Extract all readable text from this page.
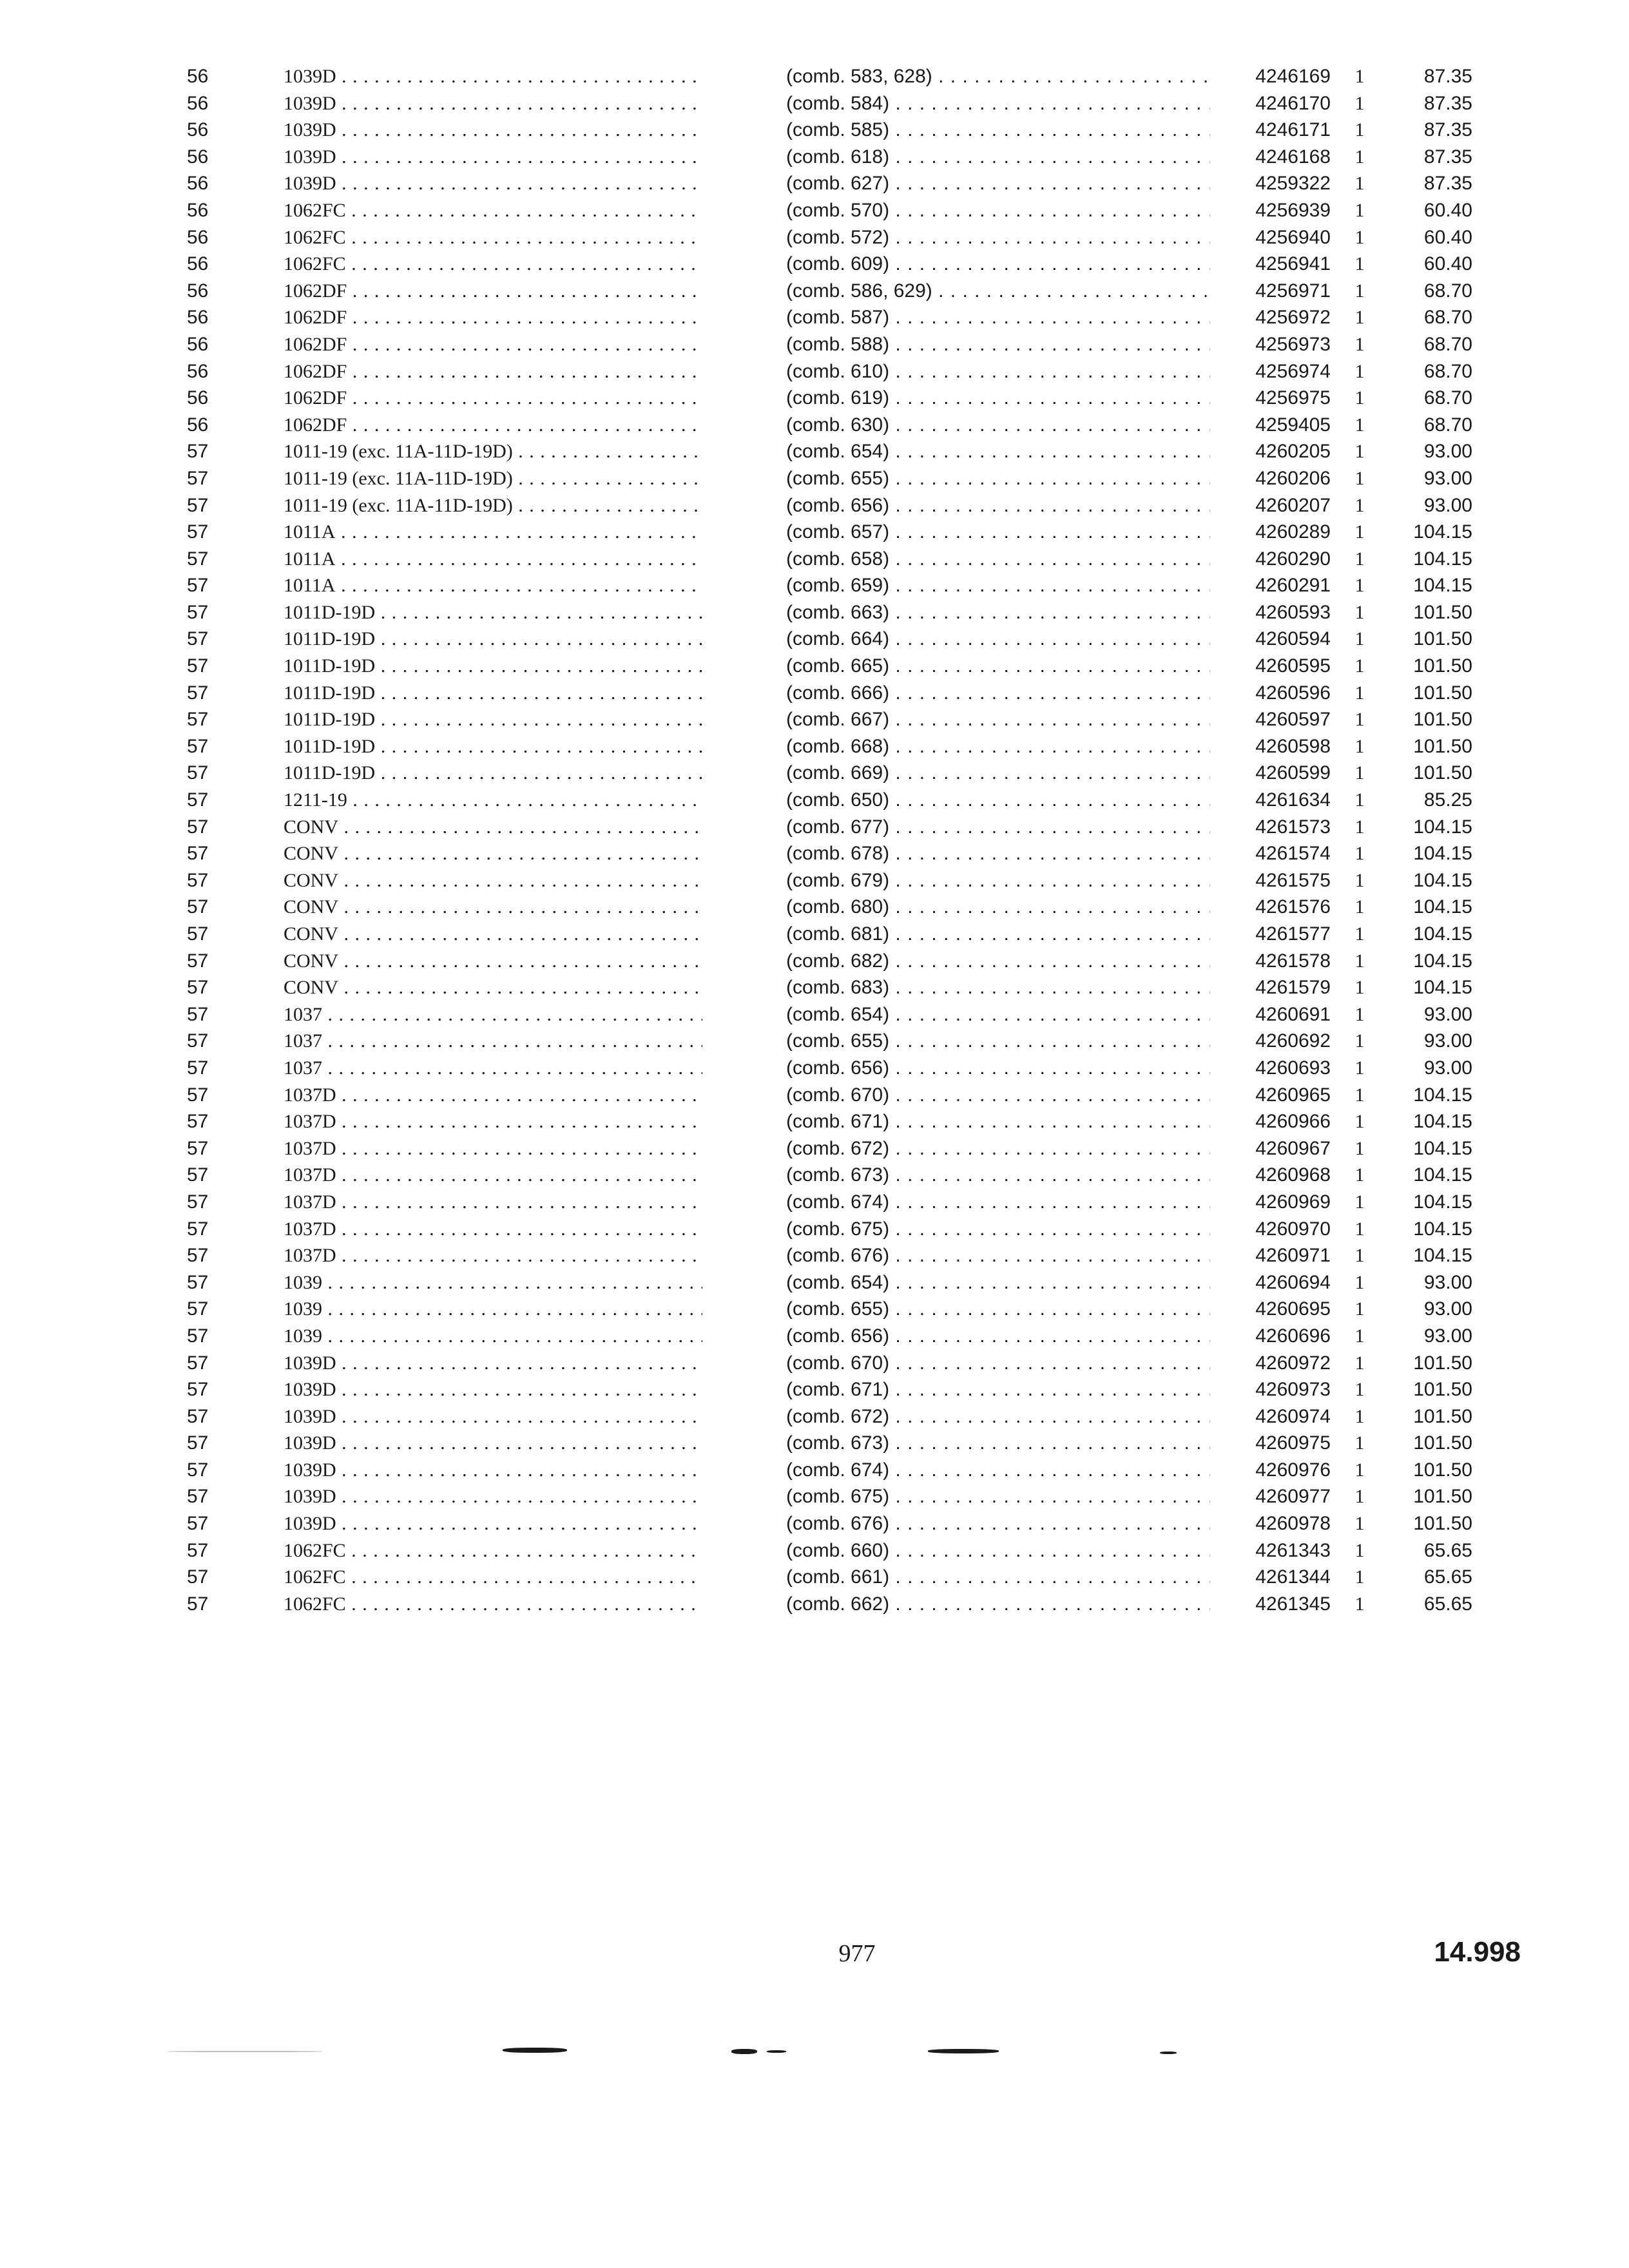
56	1039D . . .	(comb. 583, 628) . . .	4246169	1	87.35
56	1039D . . .	(comb. 584) . . .	4246170	1	87.35
56	1039D . . .	(comb. 585) . . .	4246171	1	87.35
56	1039D . . .	(comb. 618) . . .	4246168	1	87.35
56	1039D . . .	(comb. 627) . . .	4259322	1	87.35
56	1062FC . . .	(comb. 570) . . .	4256939	1	60.40
56	1062FC . . .	(comb. 572) . . .	4256940	1	60.40
56	1062FC . . .	(comb. 609) . . .	4256941	1	60.40
56	1062DF . . .	(comb. 586, 629) . . .	4256971	1	68.70
56	1062DF . . .	(comb. 587) . . .	4256972	1	68.70
56	1062DF . . .	(comb. 588) . . .	4256973	1	68.70
56	1062DF . . .	(comb. 610) . . .	4256974	1	68.70
56	1062DF . . .	(comb. 619) . . .	4256975	1	68.70
56	1062DF . . .	(comb. 630) . . .	4259405	1	68.70
57	1011-19 (exc. 11A-11D-19D) . . .	(comb. 654) . . .	4260205	1	93.00
57	1011-19 (exc. 11A-11D-19D) . . .	(comb. 655) . . .	4260206	1	93.00
57	1011-19 (exc. 11A-11D-19D) . . .	(comb. 656) . . .	4260207	1	93.00
57	1011A . . .	(comb. 657) . . .	4260289	1	104.15
57	1011A . . .	(comb. 658) . . .	4260290	1	104.15
57	1011A . . .	(comb. 659) . . .	4260291	1	104.15
57	1011D-19D . . .	(comb. 663) . . .	4260593	1	101.50
57	1011D-19D . . .	(comb. 664) . . .	4260594	1	101.50
57	1011D-19D . . .	(comb. 665) . . .	4260595	1	101.50
57	1011D-19D . . .	(comb. 666) . . .	4260596	1	101.50
57	1011D-19D . . .	(comb. 667) . . .	4260597	1	101.50
57	1011D-19D . . .	(comb. 668) . . .	4260598	1	101.50
57	1011D-19D . . .	(comb. 669) . . .	4260599	1	101.50
57	1211-19 . . .	(comb. 650) . . .	4261634	1	85.25
57	CONV . . .	(comb. 677) . . .	4261573	1	104.15
57	CONV . . .	(comb. 678) . . .	4261574	1	104.15
57	CONV . . .	(comb. 679) . . .	4261575	1	104.15
57	CONV . . .	(comb. 680) . . .	4261576	1	104.15
57	CONV . . .	(comb. 681) . . .	4261577	1	104.15
57	CONV . . .	(comb. 682) . . .	4261578	1	104.15
57	CONV . . .	(comb. 683) . . .	4261579	1	104.15
57	1037 . . .	(comb. 654) . . .	4260691	1	93.00
57	1037 . . .	(comb. 655) . . .	4260692	1	93.00
57	1037 . . .	(comb. 656) . . .	4260693	1	93.00
57	1037D . . .	(comb. 670) . . .	4260965	1	104.15
57	1037D . . .	(comb. 671) . . .	4260966	1	104.15
57	1037D . . .	(comb. 672) . . .	4260967	1	104.15
57	1037D . . .	(comb. 673) . . .	4260968	1	104.15
57	1037D . . .	(comb. 674) . . .	4260969	1	104.15
57	1037D . . .	(comb. 675) . . .	4260970	1	104.15
57	1037D . . .	(comb. 676) . . .	4260971	1	104.15
57	1039 . . .	(comb. 654) . . .	4260694	1	93.00
57	1039 . . .	(comb. 655) . . .	4260695	1	93.00
57	1039 . . .	(comb. 656) . . .	4260696	1	93.00
57	1039D . . .	(comb. 670) . . .	4260972	1	101.50
57	1039D . . .	(comb. 671) . . .	4260973	1	101.50
57	1039D . . .	(comb. 672) . . .	4260974	1	101.50
57	1039D . . .	(comb. 673) . . .	4260975	1	101.50
57	1039D . . .	(comb. 674) . . .	4260976	1	101.50
57	1039D . . .	(comb. 675) . . .	4260977	1	101.50
57	1039D . . .	(comb. 676) . . .	4260978	1	101.50
57	1062FC . . .	(comb. 660) . . .	4261343	1	65.65
57	1062FC . . .	(comb. 661) . . .	4261344	1	65.65
57	1062FC . . .	(comb. 662) . . .	4261345	1	65.65
977	14.998
